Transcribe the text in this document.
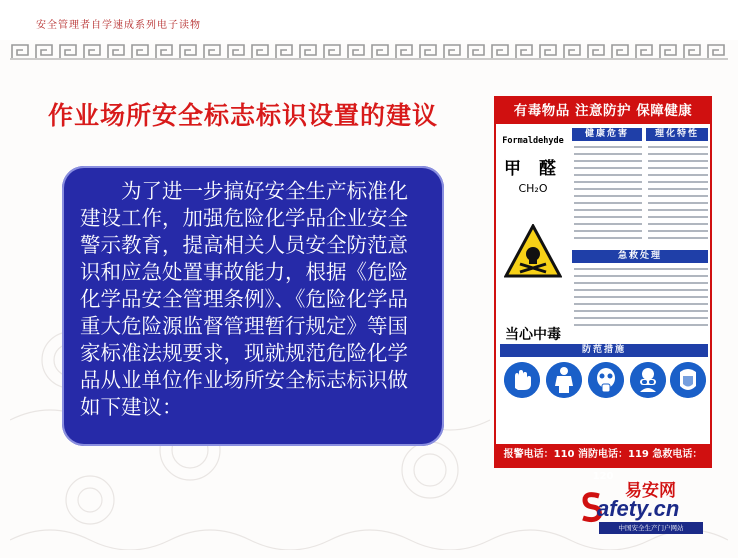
安全管理者自学速成系列电子读物
作业场所安全标志标识设置的建议

为了进一步搞好安全生产标准化建设工作，加强危险化学品企业安全警示教育，提高相关人员安全防范意识和应急处置事故能力，根据《危险化学品安全管理条例》、《危险化学品重大危险源监督管理暂行规定》等国家标准法规要求，现就规范危险化学品从业单位作业场所安全标志标识做如下建议：

有毒物品 注意防护 保障健康
Formaldehyde
甲 醛
CH₂O
当心中毒
健康危害	理化特性
急救处理
防范措施
报警电话：110 消防电话：119 急救电话：120
易安网
afety.cn
中国安全生产门户网站
